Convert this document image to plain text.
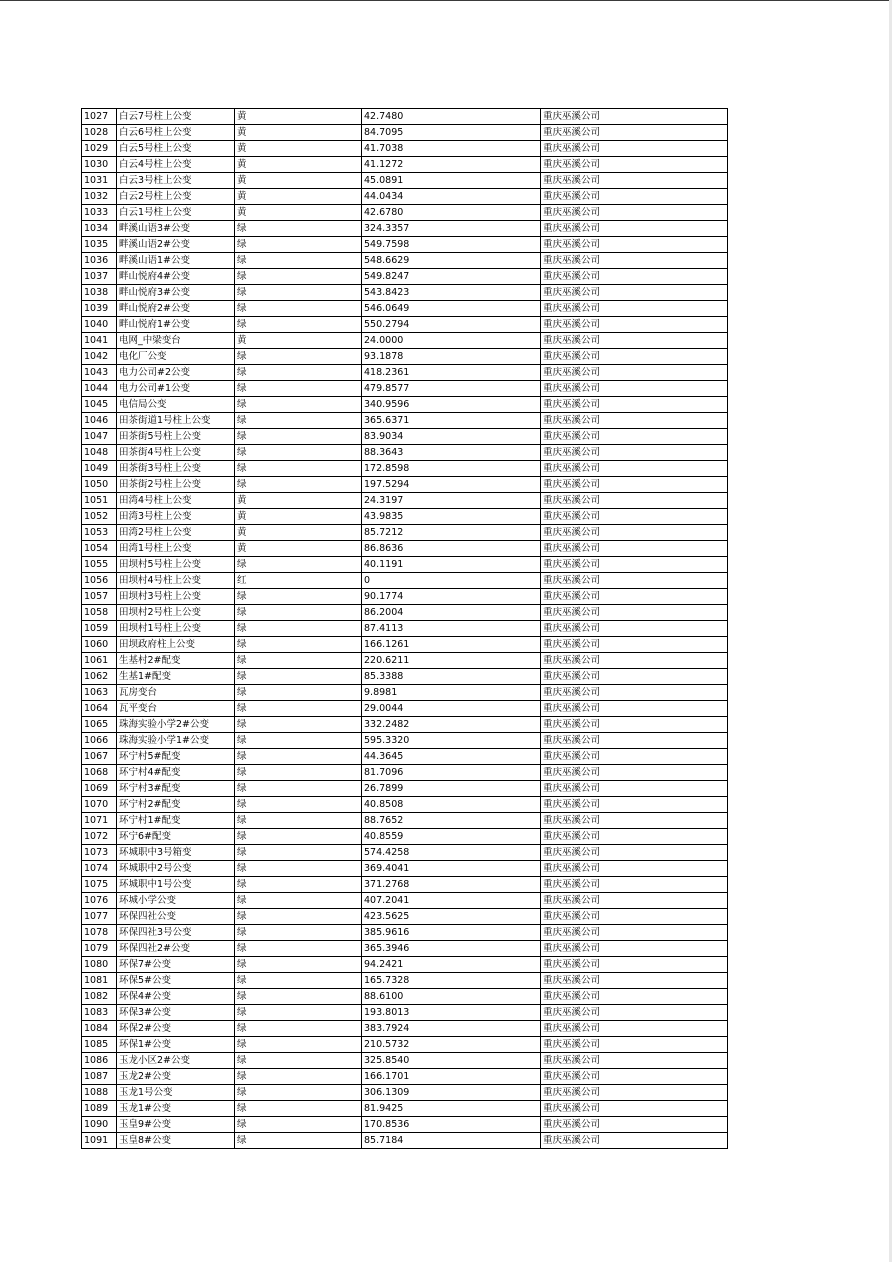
1027	白云7号柱上公变	黄	42.7480	重庆巫溪公司
1028	白云6号柱上公变	黄	84.7095	重庆巫溪公司
1029	白云5号柱上公变	黄	41.7038	重庆巫溪公司
1030	白云4号柱上公变	黄	41.1272	重庆巫溪公司
1031	白云3号柱上公变	黄	45.0891	重庆巫溪公司
1032	白云2号柱上公变	黄	44.0434	重庆巫溪公司
1033	白云1号柱上公变	黄	42.6780	重庆巫溪公司
1034	畔溪山语3#公变	绿	324.3357	重庆巫溪公司
1035	畔溪山语2#公变	绿	549.7598	重庆巫溪公司
1036	畔溪山语1#公变	绿	548.6629	重庆巫溪公司
1037	畔山悦府4#公变	绿	549.8247	重庆巫溪公司
1038	畔山悦府3#公变	绿	543.8423	重庆巫溪公司
1039	畔山悦府2#公变	绿	546.0649	重庆巫溪公司
1040	畔山悦府1#公变	绿	550.2794	重庆巫溪公司
1041	电网_中梁变台	黄	24.0000	重庆巫溪公司
1042	电化厂公变	绿	93.1878	重庆巫溪公司
1043	电力公司#2公变	绿	418.2361	重庆巫溪公司
1044	电力公司#1公变	绿	479.8577	重庆巫溪公司
1045	电信局公变	绿	340.9596	重庆巫溪公司
1046	田茶街道1号柱上公变	绿	365.6371	重庆巫溪公司
1047	田茶街5号柱上公变	绿	83.9034	重庆巫溪公司
1048	田茶街4号柱上公变	绿	88.3643	重庆巫溪公司
1049	田茶街3号柱上公变	绿	172.8598	重庆巫溪公司
1050	田茶街2号柱上公变	绿	197.5294	重庆巫溪公司
1051	田湾4号柱上公变	黄	24.3197	重庆巫溪公司
1052	田湾3号柱上公变	黄	43.9835	重庆巫溪公司
1053	田湾2号柱上公变	黄	85.7212	重庆巫溪公司
1054	田湾1号柱上公变	黄	86.8636	重庆巫溪公司
1055	田坝村5号柱上公变	绿	40.1191	重庆巫溪公司
1056	田坝村4号柱上公变	红	0	重庆巫溪公司
1057	田坝村3号柱上公变	绿	90.1774	重庆巫溪公司
1058	田坝村2号柱上公变	绿	86.2004	重庆巫溪公司
1059	田坝村1号柱上公变	绿	87.4113	重庆巫溪公司
1060	田坝政府柱上公变	绿	166.1261	重庆巫溪公司
1061	生基村2#配变	绿	220.6211	重庆巫溪公司
1062	生基1#配变	绿	85.3388	重庆巫溪公司
1063	瓦房变台	绿	9.8981	重庆巫溪公司
1064	瓦平变台	绿	29.0044	重庆巫溪公司
1065	珠海实验小学2#公变	绿	332.2482	重庆巫溪公司
1066	珠海实验小学1#公变	绿	595.3320	重庆巫溪公司
1067	环宁村5#配变	绿	44.3645	重庆巫溪公司
1068	环宁村4#配变	绿	81.7096	重庆巫溪公司
1069	环宁村3#配变	绿	26.7899	重庆巫溪公司
1070	环宁村2#配变	绿	40.8508	重庆巫溪公司
1071	环宁村1#配变	绿	88.7652	重庆巫溪公司
1072	环宁6#配变	绿	40.8559	重庆巫溪公司
1073	环城职中3号箱变	绿	574.4258	重庆巫溪公司
1074	环城职中2号公变	绿	369.4041	重庆巫溪公司
1075	环城职中1号公变	绿	371.2768	重庆巫溪公司
1076	环城小学公变	绿	407.2041	重庆巫溪公司
1077	环保四社公变	绿	423.5625	重庆巫溪公司
1078	环保四社3号公变	绿	385.9616	重庆巫溪公司
1079	环保四社2#公变	绿	365.3946	重庆巫溪公司
1080	环保7#公变	绿	94.2421	重庆巫溪公司
1081	环保5#公变	绿	165.7328	重庆巫溪公司
1082	环保4#公变	绿	88.6100	重庆巫溪公司
1083	环保3#公变	绿	193.8013	重庆巫溪公司
1084	环保2#公变	绿	383.7924	重庆巫溪公司
1085	环保1#公变	绿	210.5732	重庆巫溪公司
1086	玉龙小区2#公变	绿	325.8540	重庆巫溪公司
1087	玉龙2#公变	绿	166.1701	重庆巫溪公司
1088	玉龙1号公变	绿	306.1309	重庆巫溪公司
1089	玉龙1#公变	绿	81.9425	重庆巫溪公司
1090	玉皇9#公变	绿	170.8536	重庆巫溪公司
1091	玉皇8#公变	绿	85.7184	重庆巫溪公司
